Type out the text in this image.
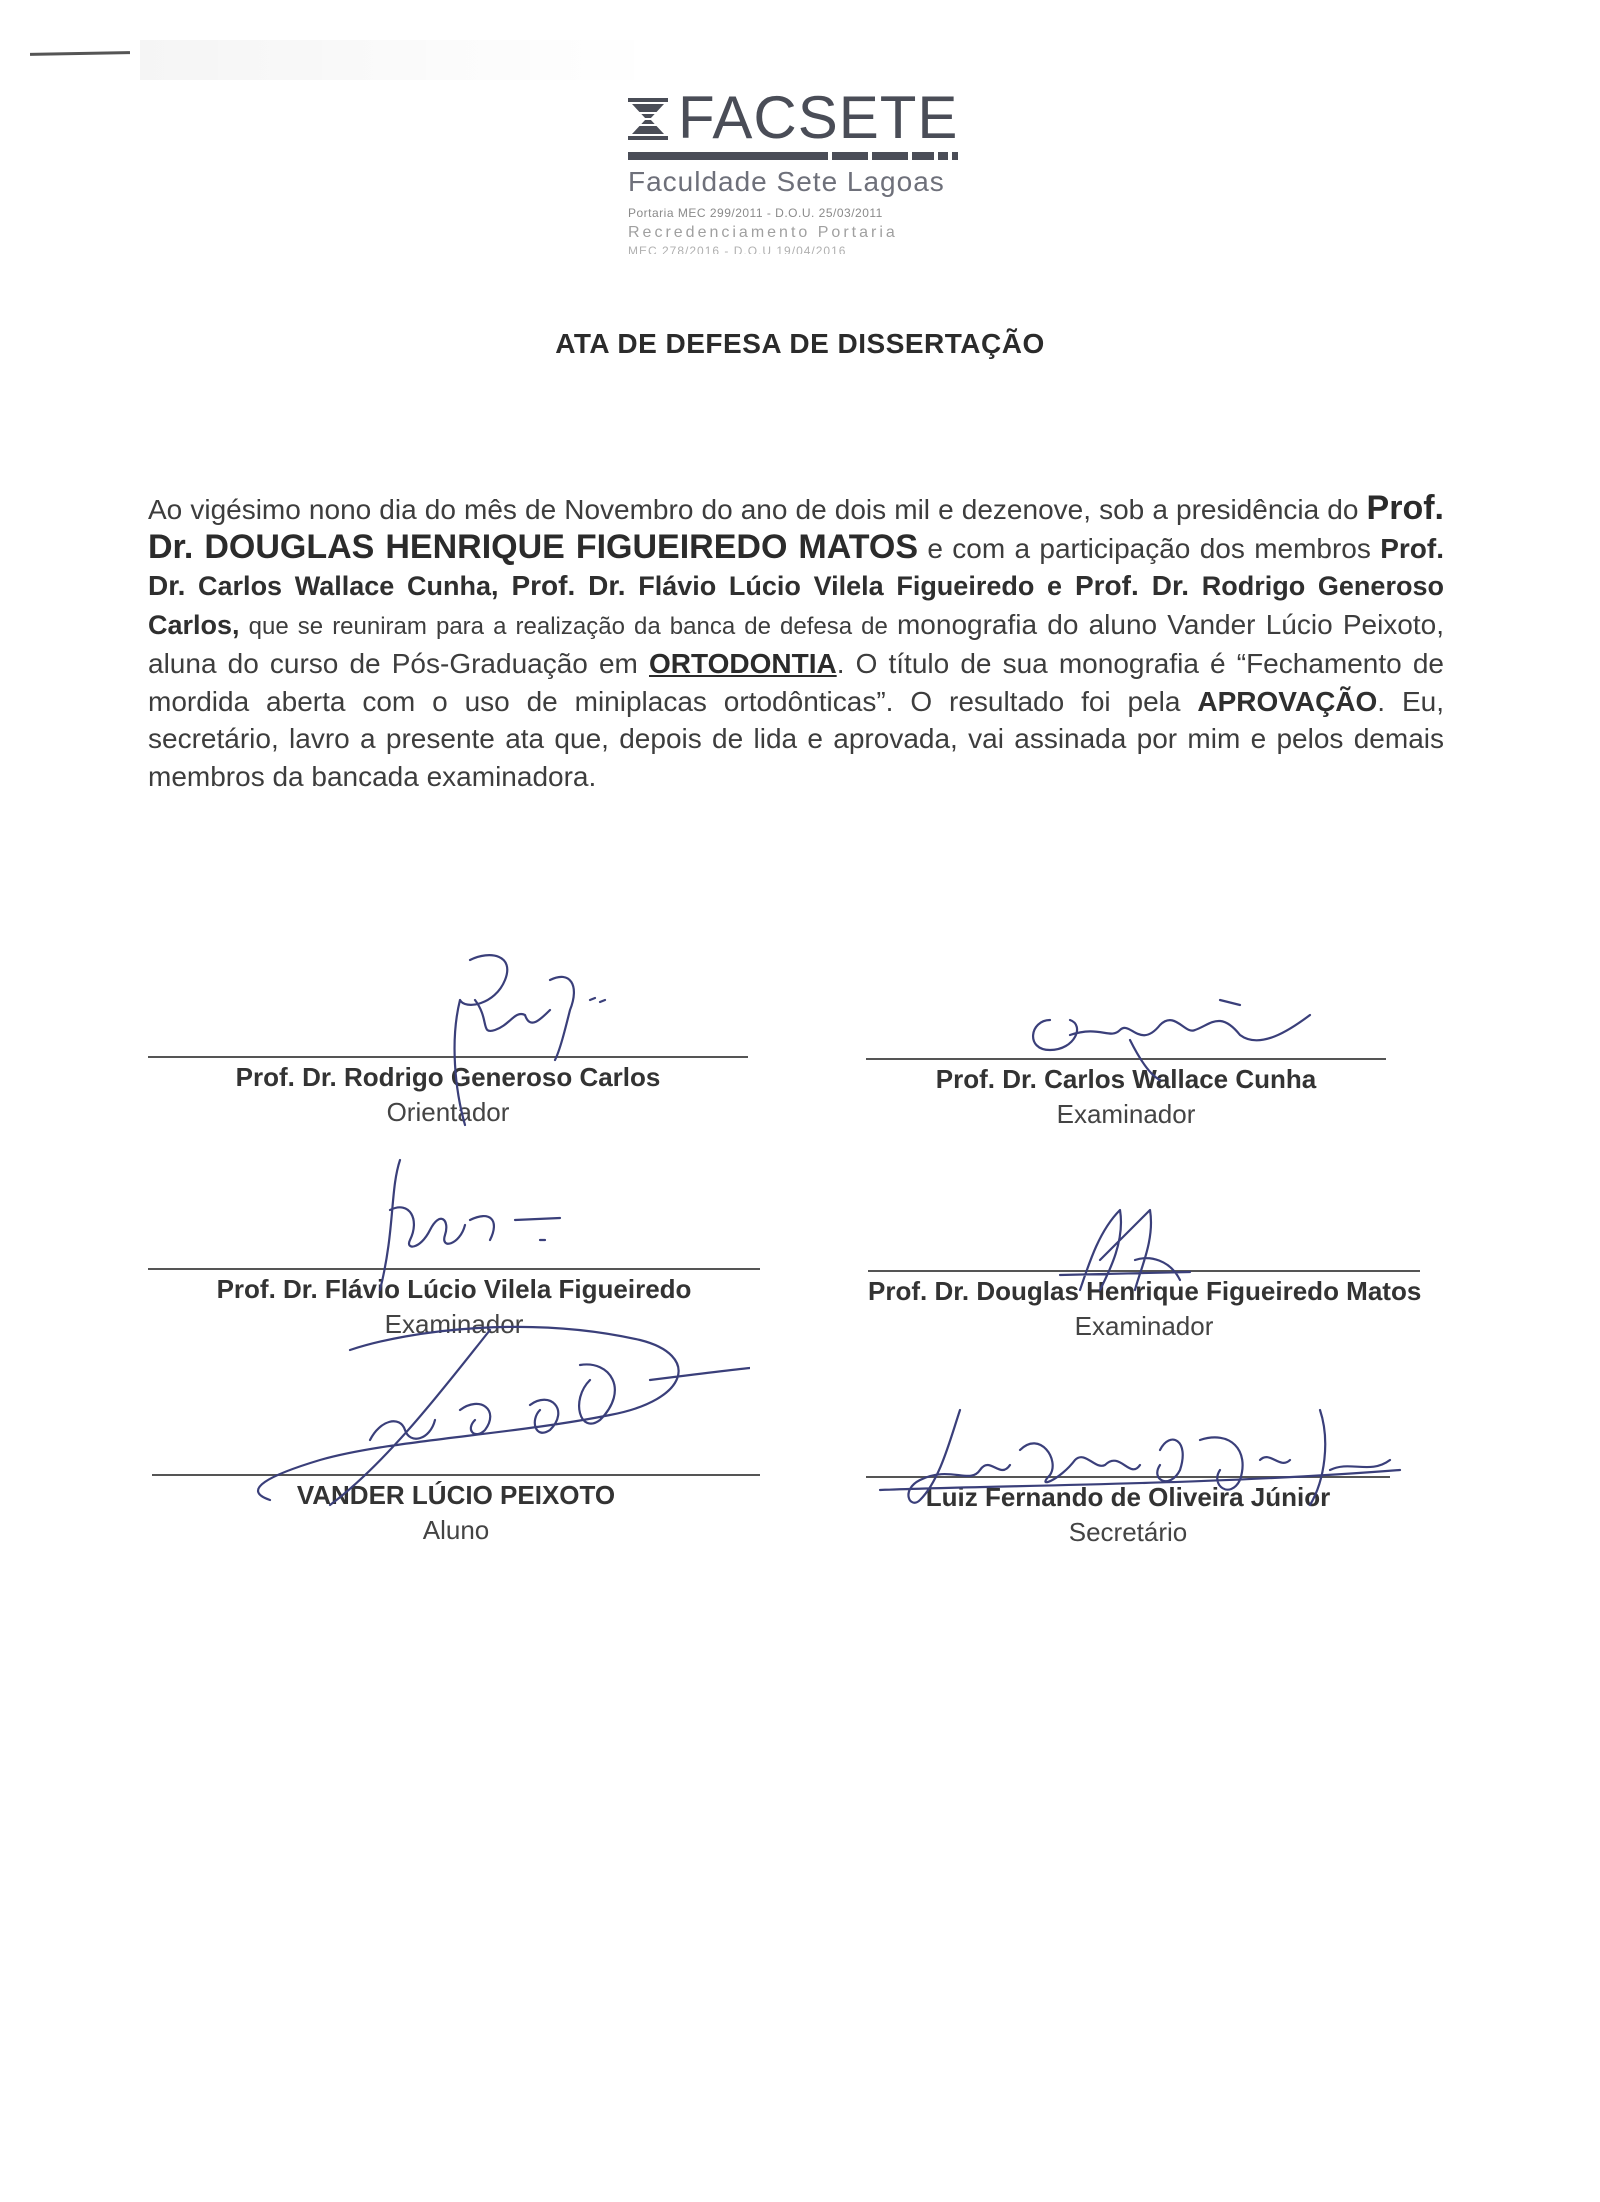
FACSETE
Faculdade Sete Lagoas
Portaria MEC 299/2011 - D.O.U. 25/03/2011
Recredenciamento Portaria
MEC 278/2016 - D.O.U 19/04/2016
ATA DE DEFESA DE DISSERTAÇÃO
Ao vigésimo nono dia do mês de Novembro do ano de dois mil e dezenove, sob a presidência do Prof. Dr. DOUGLAS HENRIQUE FIGUEIREDO MATOS e com a participação dos membros Prof. Dr. Carlos Wallace Cunha, Prof. Dr. Flávio Lúcio Vilela Figueiredo e Prof. Dr. Rodrigo Generoso Carlos, que se reuniram para a realização da banca de defesa de monografia do aluno Vander Lúcio Peixoto, aluna do curso de Pós-Graduação em ORTODONTIA. O título de sua monografia é “Fechamento de mordida aberta com o uso de miniplacas ortodônticas”. O resultado foi pela APROVAÇÃO. Eu, secretário, lavro a presente ata que, depois de lida e aprovada, vai assinada por mim e pelos demais membros da bancada examinadora.
Prof. Dr. Rodrigo Generoso Carlos
Orientador
Prof. Dr. Carlos Wallace Cunha
Examinador
Prof. Dr. Flávio Lúcio Vilela Figueiredo
Examinador
Prof. Dr. Douglas Henrique Figueiredo Matos
Examinador
VANDER LÚCIO PEIXOTO
Aluno
Luiz Fernando de Oliveira Júnior
Secretário
